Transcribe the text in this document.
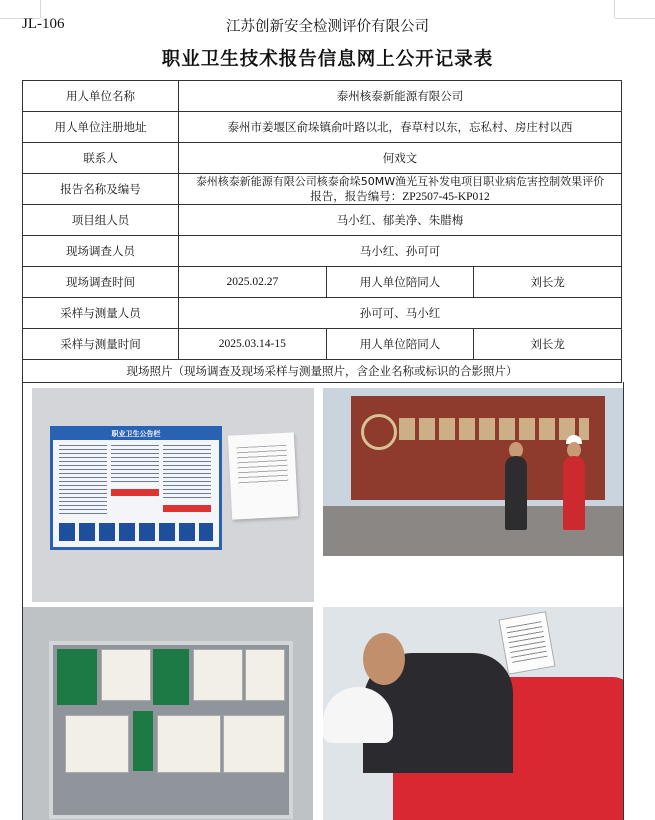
JL-106	江苏创新安全检测评价有限公司
职业卫生技术报告信息网上公开记录表
用人单位名称	泰州核泰新能源有限公司		
用人单位注册地址	泰州市姜堰区俞垛镇俞叶路以北，春草村以东，忘私村、房庄村以西		
联系人	何戏文		
报告名称及编号	泰州核泰新能源有限公司核泰俞垛50MW渔光互补发电项目职业病危害控制效果评价
报告，报告编号：ZP2507-45-KP012		

项目组人员	马小红、郁美净、朱腊梅		
现场调查人员	马小红、孙可可		
现场调查时间	2025.02.27	用人单位陪同人	刘长龙
采样与测量人员	孙可可、马小红		
采样与测量时间	2025.03.14-15	用人单位陪同人	刘长龙
现场照片（现场调查及现场采样与测量照片，含企业名称或标识的合影照片）			
职业卫生公告栏
